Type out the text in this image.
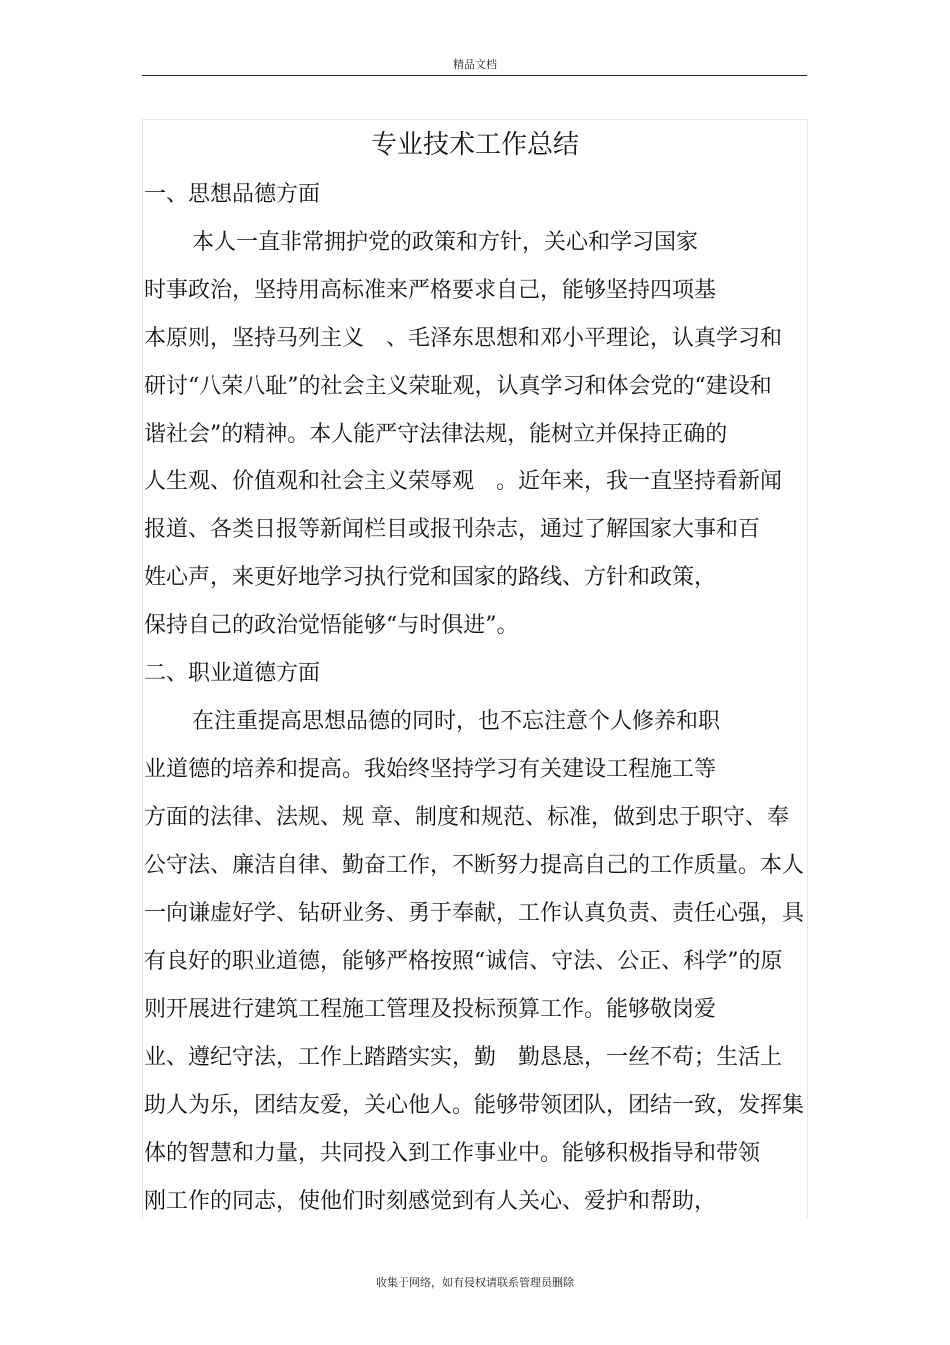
精品文档
专业技术工作总结
一、思想品德方面
本人一直非常拥护党的政策和方针，关心和学习国家
时事政治，坚持用高标准来严格要求自己，能够坚持四项基
本原则，坚持马列主义　、毛泽东思想和邓小平理论，认真学习和
研讨“八荣八耻”的社会主义荣耻观，认真学习和体会党的“建设和
谐社会”的精神。本人能严守法律法规，能树立并保持正确的
人生观、价值观和社会主义荣辱观　。近年来，我一直坚持看新闻
报道、各类日报等新闻栏目或报刊杂志，通过了解国家大事和百
姓心声，来更好地学习执行党和国家的路线、方针和政策，
保持自己的政治觉悟能够“与时俱进”。
二、职业道德方面
在注重提高思想品德的同时，也不忘注意个人修养和职
业道德的培养和提高。我始终坚持学习有关建设工程施工等
方面的法律、法规、规 章、制度和规范、标准，做到忠于职守、奉
公守法、廉洁自律、勤奋工作，不断努力提高自己的工作质量。本人
一向谦虚好学、钻研业务、勇于奉献，工作认真负责、责任心强，具
有良好的职业道德，能够严格按照“诚信、守法、公正、科学”的原
则开展进行建筑工程施工管理及投标预算工作。能够敬岗爱
业、遵纪守法，工作上踏踏实实，勤　勤恳恳，一丝不苟；生活上
助人为乐，团结友爱，关心他人。能够带领团队，团结一致，发挥集
体的智慧和力量，共同投入到工作事业中。能够积极指导和带领
刚工作的同志，使他们时刻感觉到有人关心、爱护和帮助，
收集于网络，如有侵权请联系管理员删除
